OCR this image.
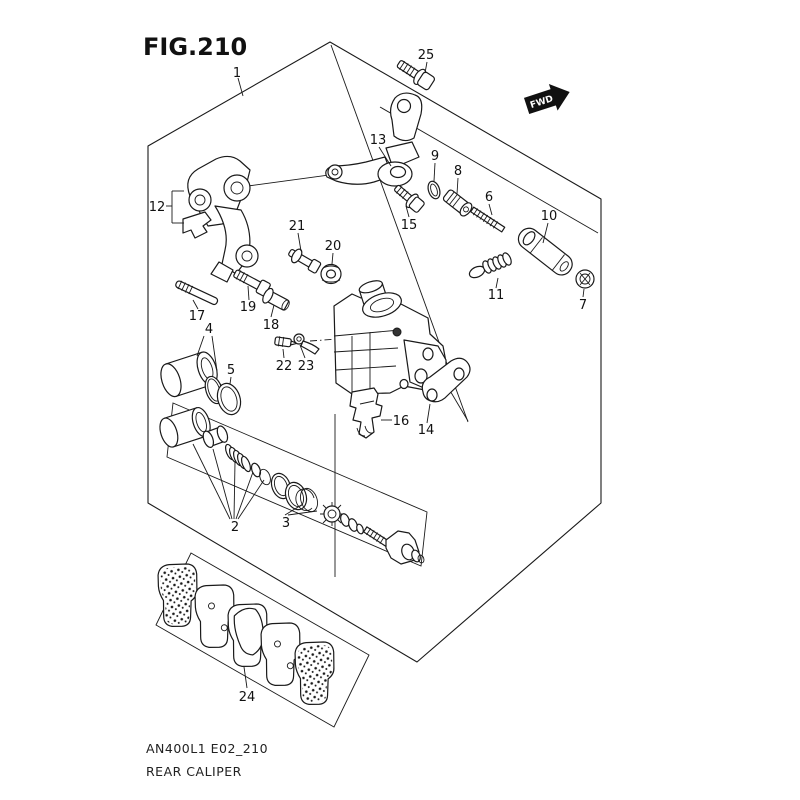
1
2	3
4
5
6
7
8
9
10
11
12
13
14
15
16
17
18
19
20
21
22 23
24
25
FWD
FIG.210
AN400L1 E02_210
REAR CALIPER
